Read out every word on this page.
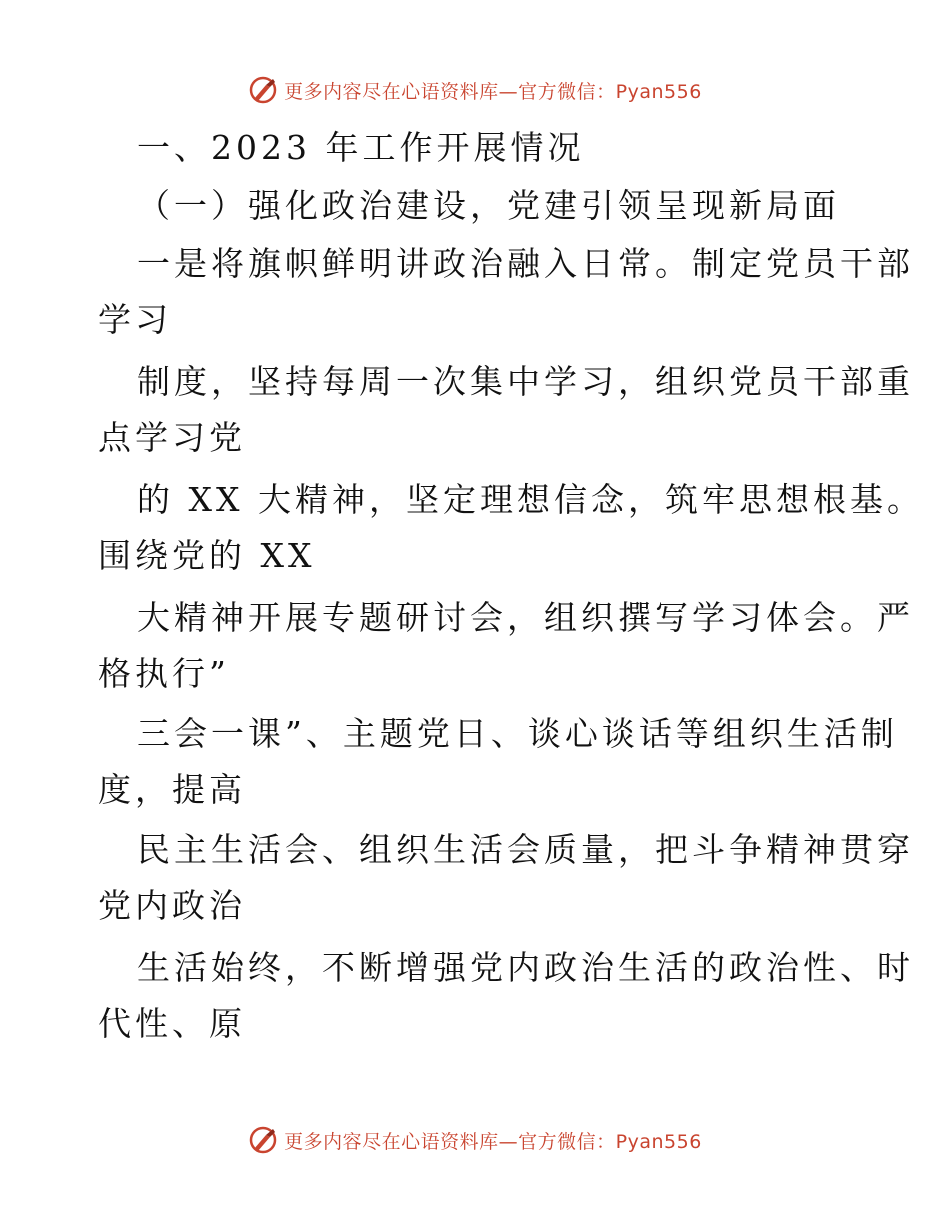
更多内容尽在心语资料库—官方微信：Pyan556
一、2023 年工作开展情况
（一）强化政治建设，党建引领呈现新局面
一是将旗帜鲜明讲政治融入日常。制定党员干部
学习
制度，坚持每周一次集中学习，组织党员干部重
点学习党
的 XX 大精神，坚定理想信念，筑牢思想根基。
围绕党的 XX
大精神开展专题研讨会，组织撰写学习体会。严
格执行”
三会一课”、主题党日、谈心谈话等组织生活制
度，提高
民主生活会、组织生活会质量，把斗争精神贯穿
党内政治
生活始终，不断增强党内政治生活的政治性、时
代性、原
更多内容尽在心语资料库—官方微信：Pyan556
